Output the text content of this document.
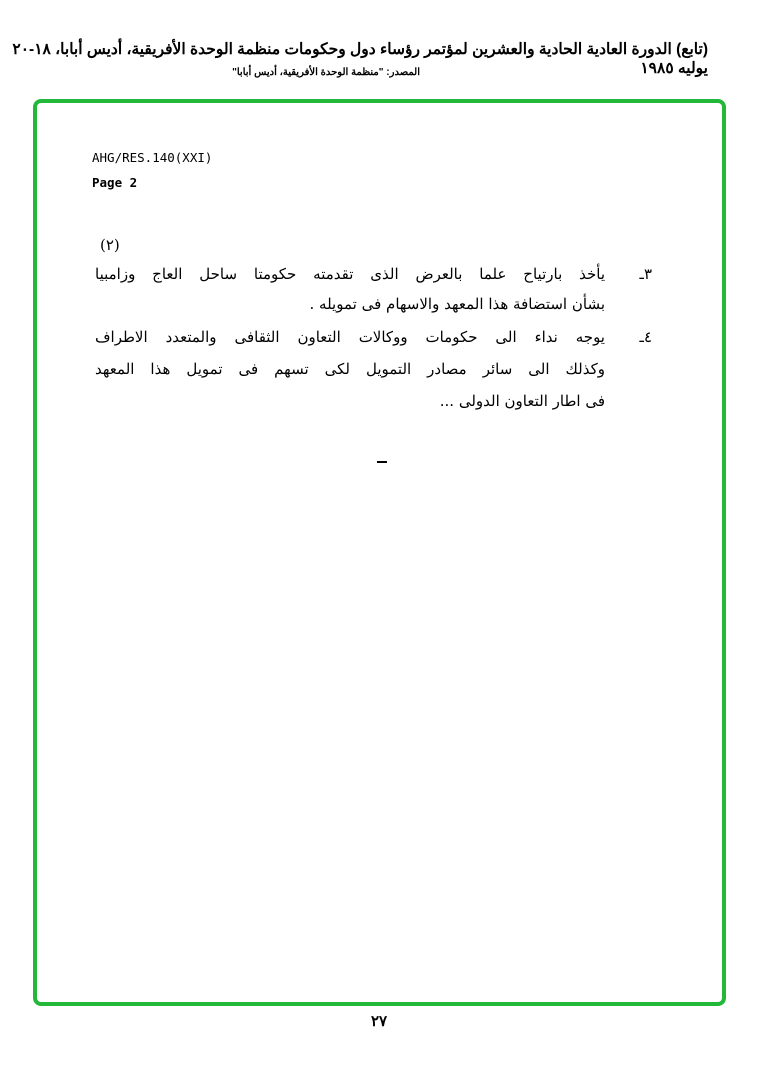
(تابع) الدورة العادية الحادية والعشرين لمؤتمر رؤساء دول وحكومات منظمة الوحدة الأفريقية، أديس أبابا، ١٨-٢٠ يوليه ١٩٨٥
المصدر: "منظمة الوحدة الأفريقية، أديس أبابا"
AHG/RES.140(XXI)
Page 2
(٢)
٣ـ
يأخذ بارتياح علما بالعرض الذى تقدمته حكومتا ساحل العاج وزامبيا
بشأن استضافة هذا المعهد والاسهام فى تمويله .
٤ـ
يوجه نداء الى حكومات ووكالات التعاون الثقافى والمتعدد الاطراف
وكذلك الى سائر مصادر التمويل لكى تسهم فى تمويل هذا المعهد
فى اطار التعاون الدولى ...
٢٧
